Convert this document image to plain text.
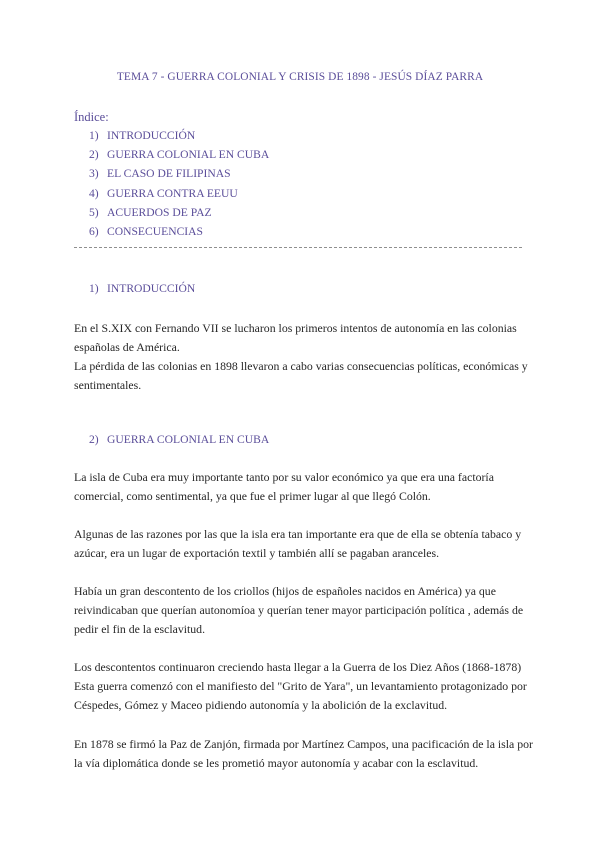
TEMA 7 - GUERRA COLONIAL Y CRISIS DE 1898 - JESÚS DÍAZ PARRA
Índice:
1) INTRODUCCIÓN
2) GUERRA COLONIAL EN CUBA
3) EL CASO DE FILIPINAS
4) GUERRA CONTRA EEUU
5) ACUERDOS DE PAZ
6) CONSECUENCIAS
1) INTRODUCCIÓN

En el S.XIX con Fernando VII se lucharon los primeros intentos de autonomía en las colonias españolas de América.

La pérdida de las colonias en 1898 llevaron a cabo varias consecuencias políticas, económicas y sentimentales.

2) GUERRA COLONIAL EN CUBA

La isla de Cuba era muy importante tanto por su valor económico ya que era una factoría comercial, como sentimental, ya que fue el primer lugar al que llegó Colón.

Algunas de las razones por las que la isla era tan importante era que de ella se obtenía tabaco y azúcar, era un lugar de exportación textil y también allí se pagaban aranceles.

Había un gran descontento de los criollos (hijos de españoles nacidos en América) ya que reivindicaban que querían autonomíoa y querían tener mayor participación política , además de pedir el fin de la esclavitud.

Los descontentos continuaron creciendo hasta llegar a la Guerra de los Diez Años (1868-1878) Esta guerra comenzó con el manifiesto del "Grito de Yara", un levantamiento protagonizado por Céspedes, Gómez y Maceo pidiendo autonomía y la abolición de la exclavitud.

En 1878 se firmó la Paz de Zanjón, firmada por Martínez Campos, una pacificación de la isla por la vía diplomática donde se les prometió mayor autonomía y acabar con la esclavitud.
